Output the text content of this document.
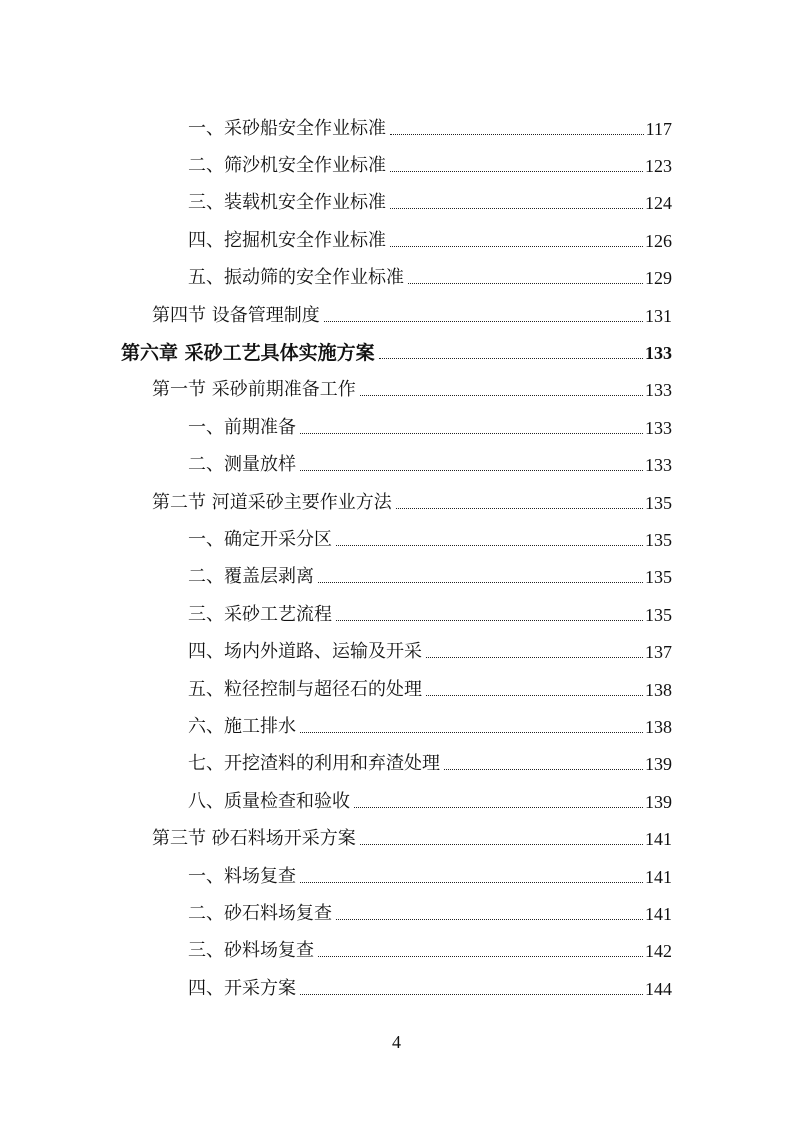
一、采砂船安全作业标准	117
二、筛沙机安全作业标准	123
三、装载机安全作业标准	124
四、挖掘机安全作业标准	126
五、振动筛的安全作业标准	129
第四节 设备管理制度	131
第六章 采砂工艺具体实施方案	133
第一节 采砂前期准备工作	133
一、前期准备	133
二、测量放样	133
第二节 河道采砂主要作业方法	135
一、确定开采分区	135
二、覆盖层剥离	135
三、采砂工艺流程	135
四、场内外道路、运输及开采	137
五、粒径控制与超径石的处理	138
六、施工排水	138
七、开挖渣料的利用和弃渣处理	139
八、质量检查和验收	139
第三节 砂石料场开采方案	141
一、料场复查	141
二、砂石料场复查	141
三、砂料场复查	142
四、开采方案	144
4
